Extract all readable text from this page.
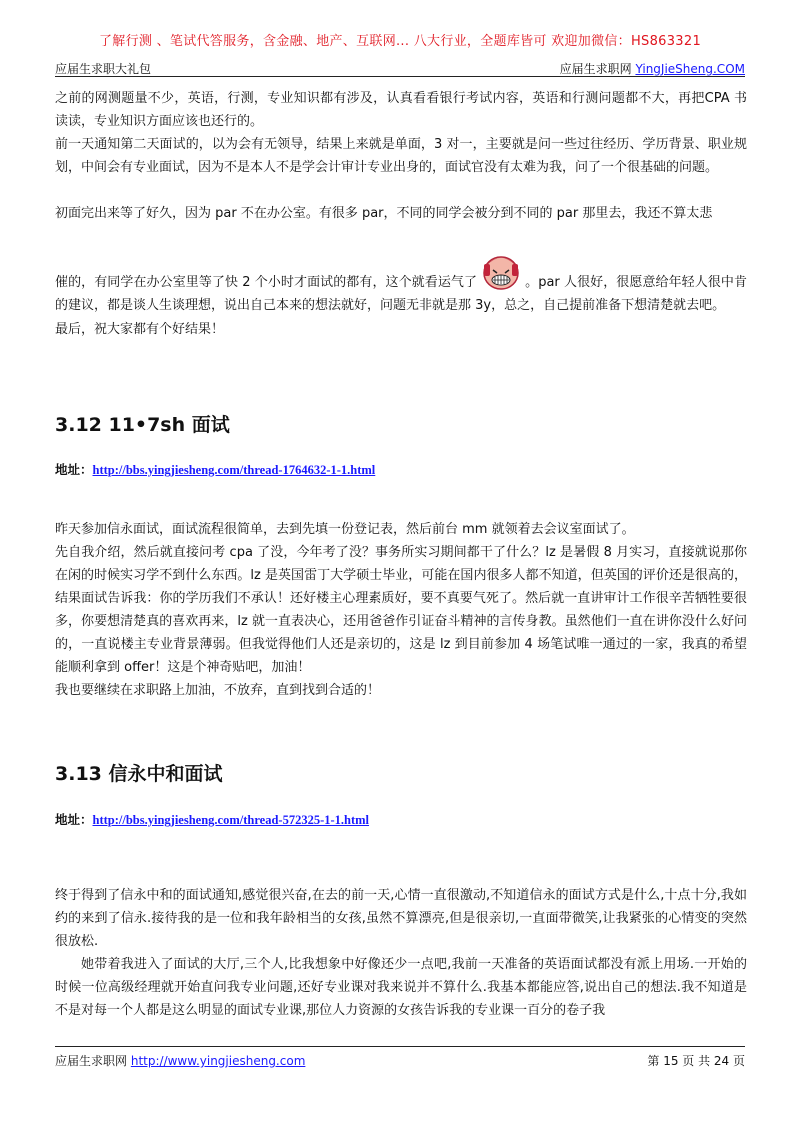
了解行测 、笔试代答服务，含金融、地产、互联网... 八大行业，全题库皆可 欢迎加微信：HS863321
应届生求职大礼包	应届生求职网 YingJieSheng.COM

之前的网测题量不少，英语，行测，专业知识都有涉及，认真看看银行考试内容，英语和行测问题都不大，再把CPA 书读读，专业知识方面应该也还行的。

前一天通知第二天面试的，以为会有无领导，结果上来就是单面，3 对一，主要就是问一些过往经历、学历背景、职业规划，中间会有专业面试，因为不是本人不是学会计审计专业出身的，面试官没有太难为我，问了一个很基础的问题。

初面完出来等了好久，因为 par 不在办公室。有很多 par，不同的同学会被分到不同的 par 那里去，我还不算太悲

催的，有同学在办公室里等了快 2 个小时才面试的都有，这个就看运气了	。par 人很好，很愿意给年轻人很中肯的建议，都是谈人生谈理想，说出自己本来的想法就好，问题无非就是那 3y，总之，自己提前准备下想清楚就去吧。

最后，祝大家都有个好结果！

3.12 11•7sh 面试
地址：http://bbs.yingjiesheng.com/thread-1764632-1-1.html

昨天参加信永面试，面试流程很简单，去到先填一份登记表，然后前台 mm 就领着去会议室面试了。

先自我介绍，然后就直接问考 cpa 了没，今年考了没？事务所实习期间都干了什么？lz 是暑假 8 月实习，直接就说那你在闲的时候实习学不到什么东西。lz 是英国雷丁大学硕士毕业，可能在国内很多人都不知道，但英国的评价还是很高的，结果面试告诉我：你的学历我们不承认！还好楼主心理素质好，要不真要气死了。然后就一直讲审计工作很辛苦牺牲要很多，你要想清楚真的喜欢再来，lz 就一直表决心，还用爸爸作引证奋斗精神的言传身教。虽然他们一直在讲你没什么好问的，一直说楼主专业背景薄弱。但我觉得他们人还是亲切的，这是 lz 到目前参加 4 场笔试唯一通过的一家，我真的希望能顺利拿到 offer！这是个神奇贴吧，加油！

我也要继续在求职路上加油，不放弃，直到找到合适的！

3.13 信永中和面试
地址：http://bbs.yingjiesheng.com/thread-572325-1-1.html

终于得到了信永中和的面试通知,感觉很兴奋,在去的前一天,心情一直很激动,不知道信永的面试方式是什么,十点十分,我如约的来到了信永.接待我的是一位和我年龄相当的女孩,虽然不算漂亮,但是很亲切,一直面带微笑,让我紧张的心情变的突然很放松.

她带着我进入了面试的大厅,三个人,比我想象中好像还少一点吧,我前一天准备的英语面试都没有派上用场.一开始的时候一位高级经理就开始直问我专业问题,还好专业课对我来说并不算什么.我基本都能应答,说出自己的想法.我不知道是不是对每一个人都是这么明显的面试专业课,那位人力资源的女孩告诉我的专业课一百分的卷子我

应届生求职网 http://www.yingjiesheng.com	第 15 页 共 24 页
